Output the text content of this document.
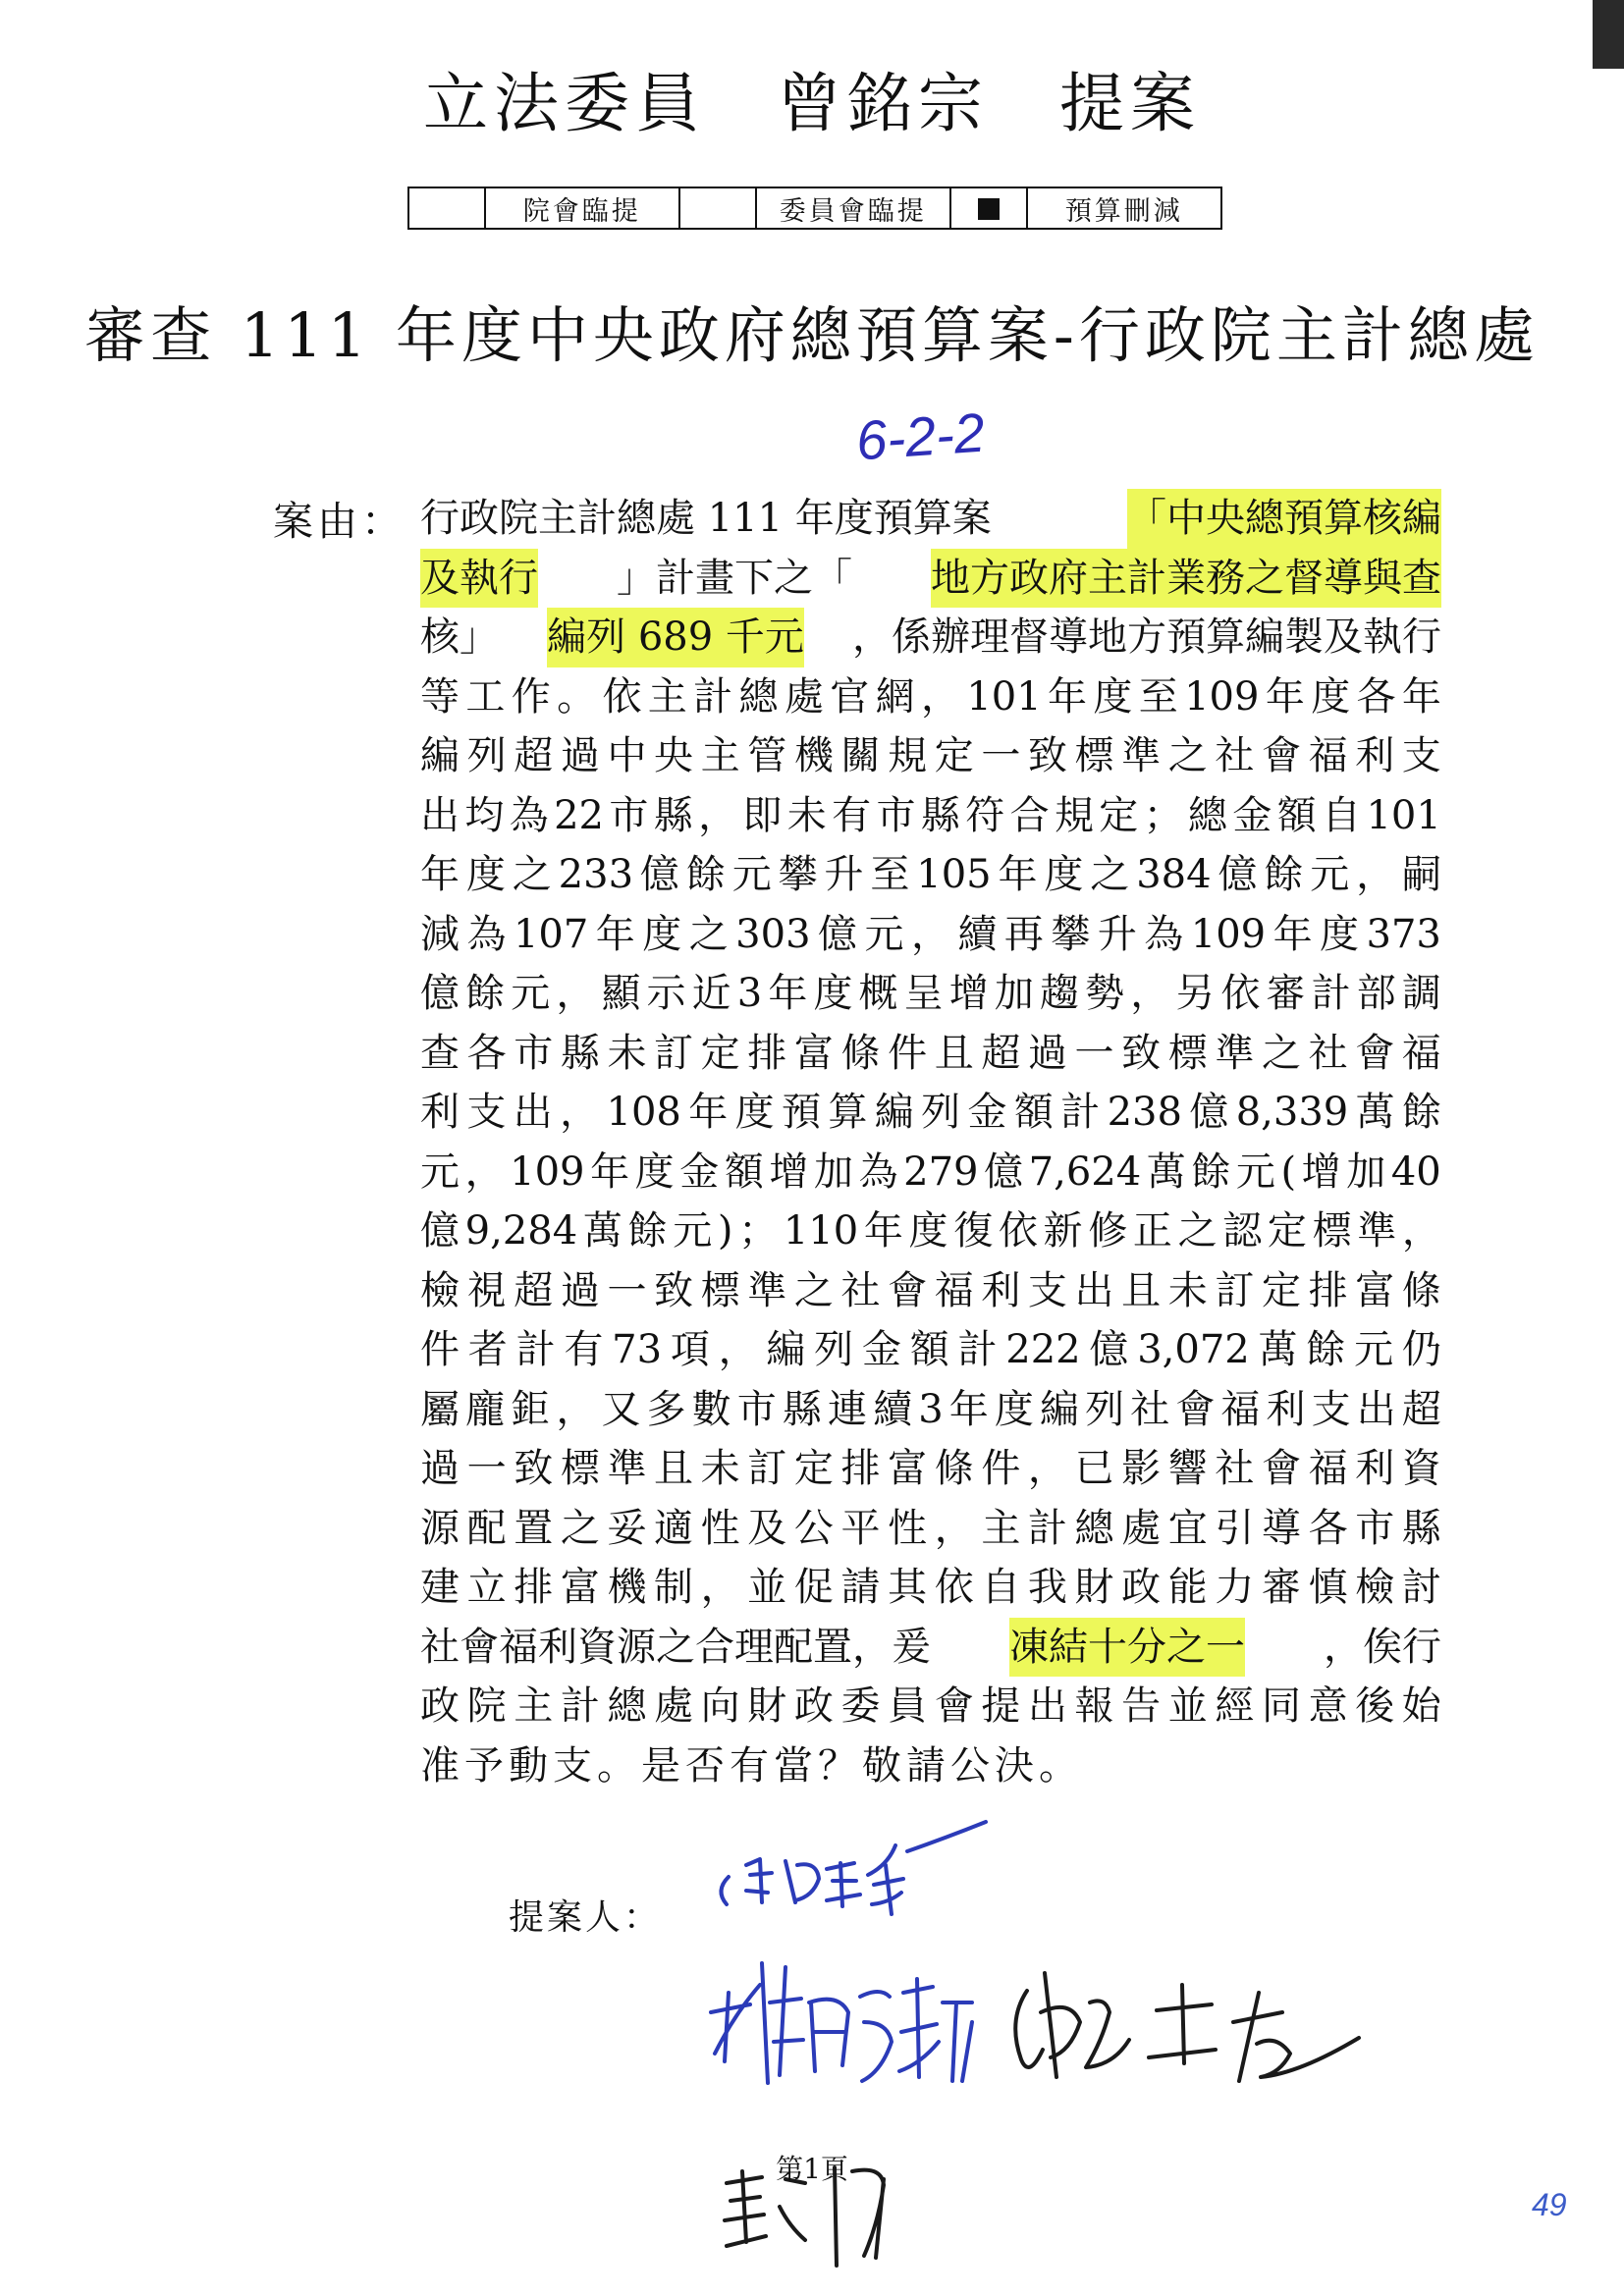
立法委員　曾銘宗　提案
	院會臨提		委員會臨提		預算刪減
審查 111 年度中央政府總預算案-行政院主計總處
6-2-2
案由： 行政院主計總處 111 年度預算案	「中央總預算核編
及執行 」計畫下之「 地方政府主計業務之督導與查
核」 編列 689 千元 ，係辦理督導地方預算編製及執行
等 工 作 。 依 主 計 總 處 官 網 ， 101 年 度 至 109 年 度 各 年
編 列 超 過 中 央 主 管 機 關 規 定 一 致 標 準 之 社 會 福 利 支
出 均 為 22 市 縣 ， 即 未 有 市 縣 符 合 規 定 ； 總 金 額 自 101
年 度 之 233 億 餘 元 攀 升 至 105 年 度 之 384 億 餘 元 ， 嗣
減 為 107 年 度 之 303 億 元 ， 續 再 攀 升 為 109 年 度 373
億 餘 元 ， 顯 示 近 3 年 度 概 呈 增 加 趨 勢 ， 另 依 審 計 部 調
查 各 市 縣 未 訂 定 排 富 條 件 且 超 過 一 致 標 準 之 社 會 福
利 支 出 ， 108 年 度 預 算 編 列 金 額 計 238 億 8,339 萬 餘
元 ， 109 年 度 金 額 增 加 為 279 億 7,624 萬 餘 元 ( 增 加 40
億 9,284 萬 餘 元 ) ； 110 年 度 復 依 新 修 正 之 認 定 標 準 ，
檢 視 超 過 一 致 標 準 之 社 會 福 利 支 出 且 未 訂 定 排 富 條
件 者 計 有 73 項 ， 編 列 金 額 計 222 億 3,072 萬 餘 元 仍
屬 龐 鉅 ， 又 多 數 市 縣 連 續 3 年 度 編 列 社 會 福 利 支 出 超
過 一 致 標 準 且 未 訂 定 排 富 條 件 ， 已 影 響 社 會 福 利 資
源 配 置 之 妥 適 性 及 公 平 性 ， 主 計 總 處 宜 引 導 各 市 縣
建 立 排 富 機 制 ， 並 促 請 其 依 自 我 財 政 能 力 審 慎 檢 討
社會福利資源之合理配置，爰 凍結十分之一 ，俟行
政 院 主 計 總 處 向 財 政 委 員 會 提 出 報 告 並 經 同 意 後 始
准予動支。是否有當？敬請公決。
提案人：
第1頁
49
